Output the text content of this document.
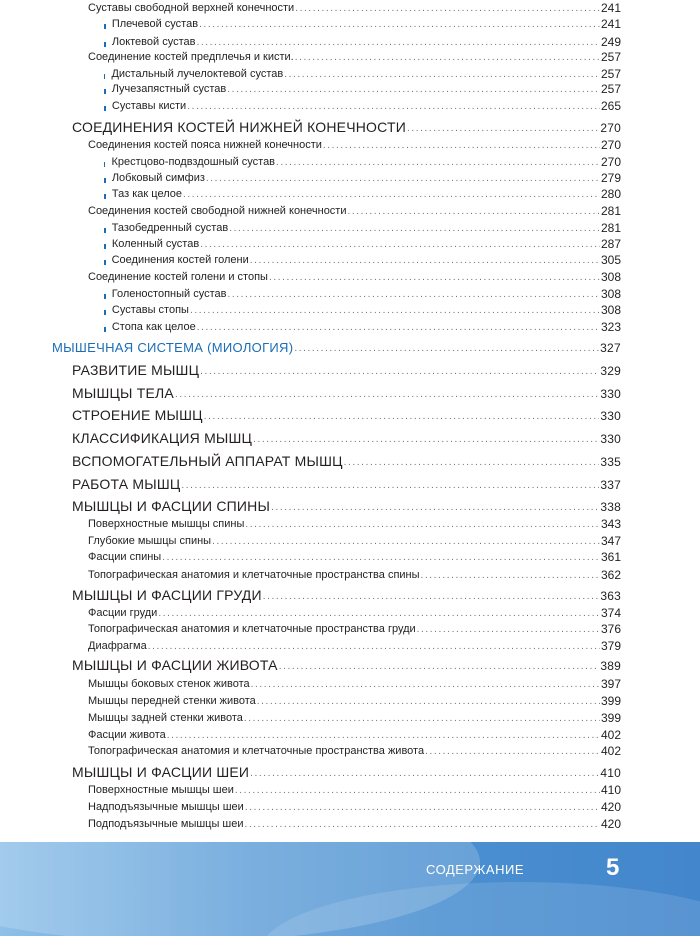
Суставы свободной верхней конечности .....	241
Плечевой сустав .....	241
Локтевой сустав .....	249
Соединение костей предплечья и кисти. .....	257
Дистальный лучелоктевой сустав .....	257
Лучезапястный сустав .....	257
Суставы кисти .....	265
СОЕДИНЕНИЯ КОСТЕЙ НИЖНЕЙ КОНЕЧНОСТИ .....	270
Соединения костей пояса нижней конечности .....	270
Крестцово-подвздошный сустав .....	270
Лобковый симфиз .....	279
Таз как целое .....	280
Соединения костей свободной нижней конечности .....	281
Тазобедренный сустав .....	281
Коленный сустав .....	287
Соединения костей голени .....	305
Соединение костей голени и стопы .....	308
Голеностопный сустав .....	308
Суставы стопы .....	308
Стопа как целое .....	323
МЫШЕЧНАЯ СИСТЕМА (МИОЛОГИЯ) .....	327
РАЗВИТИЕ МЫШЦ .....	329
МЫШЦЫ ТЕЛА .....	330
СТРОЕНИЕ МЫШЦ .....	330
КЛАССИФИКАЦИЯ МЫШЦ .....	330
ВСПОМОГАТЕЛЬНЫЙ АППАРАТ МЫШЦ .....	335
РАБОТА МЫШЦ .....	337
МЫШЦЫ И ФАСЦИИ СПИНЫ .....	338
Поверхностные мышцы спины .....	343
Глубокие мышцы спины .....	347
Фасции спины .....	361
Топографическая анатомия и клетчаточные пространства спины .....	362
МЫШЦЫ И ФАСЦИИ ГРУДИ .....	363
Фасции груди .....	374
Топографическая анатомия и клетчаточные пространства груди .....	376
Диафрагма .....	379
МЫШЦЫ И ФАСЦИИ ЖИВОТА .....	389
Мышцы боковых стенок живота .....	397
Мышцы передней стенки живота .....	399
Мышцы задней стенки живота .....	399
Фасции живота .....	402
Топографическая анатомия и клетчаточные пространства живота .....	402
МЫШЦЫ И ФАСЦИИ ШЕИ .....	410
Поверхностные мышцы шеи .....	410
Надподъязычные мышцы шеи .....	420
Подподъязычные мышцы шеи .....	420
СОДЕРЖАНИЕ	5
